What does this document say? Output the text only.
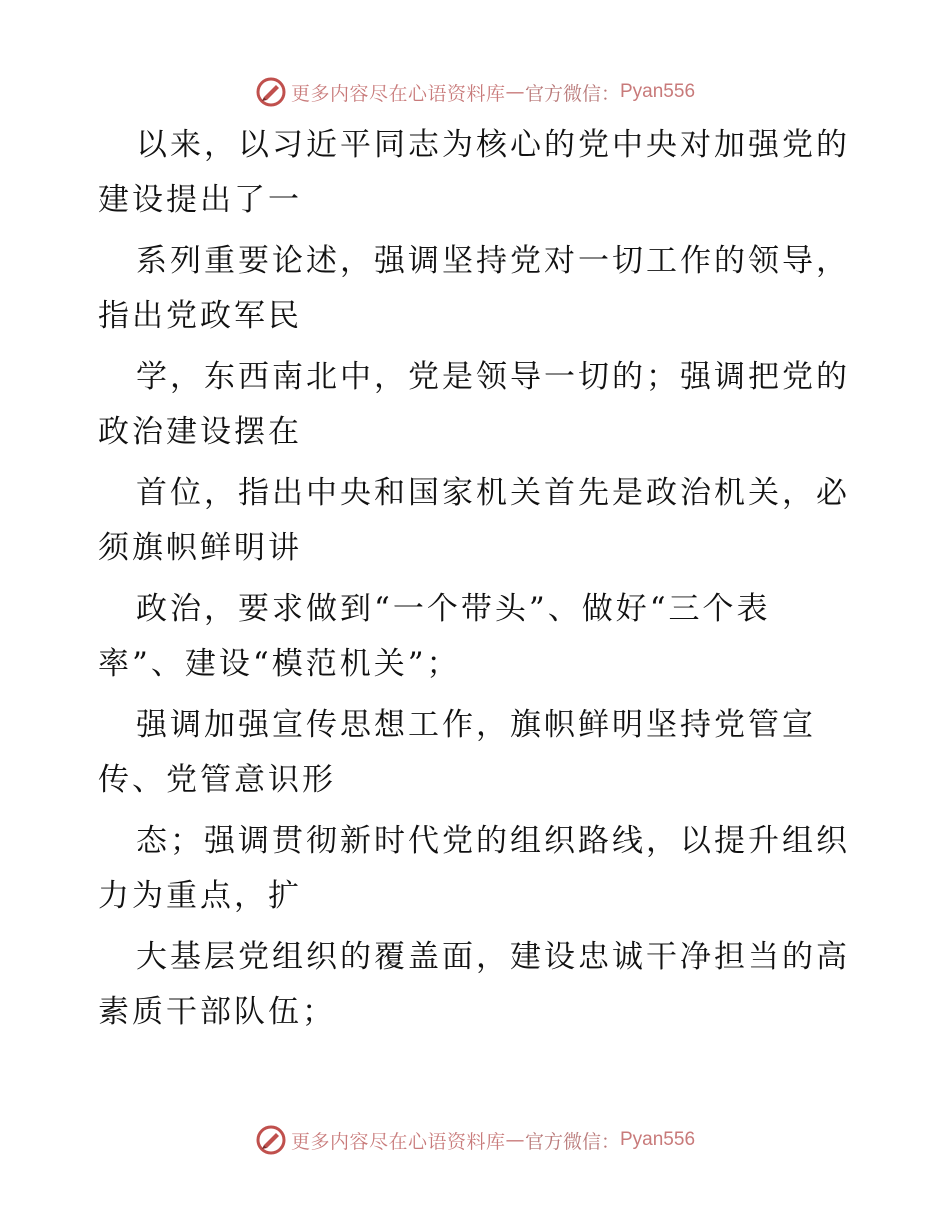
更多内容尽在心语资料库 — 官方微信： Pyan556
以来，以习近平同志为核心的党中央对加强党的
建设提出了一
系列重要论述，强调坚持党对一切工作的领导，
指出党政军民
学，东西南北中，党是领导一切的；强调把党的
政治建设摆在
首位，指出中央和国家机关首先是政治机关，必
须旗帜鲜明讲
政治，要求做到“一个带头”、做好“三个表
率”、建设“模范机关”；
强调加强宣传思想工作，旗帜鲜明坚持党管宣
传、党管意识形
态；强调贯彻新时代党的组织路线，以提升组织
力为重点，扩
大基层党组织的覆盖面，建设忠诚干净担当的高
素质干部队伍；
更多内容尽在心语资料库 — 官方微信： Pyan556
